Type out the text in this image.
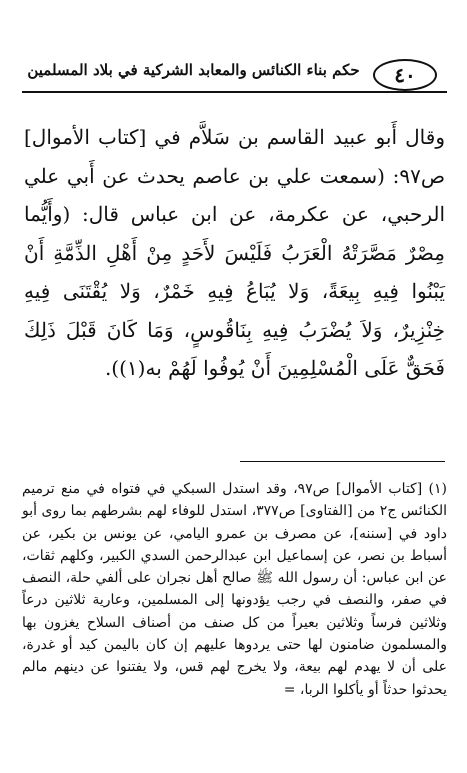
٤٠
حكم بناء الكنائس والمعابد الشركية في بلاد المسلمين

وقال أَبو عبيد القاسم بن سَلاَّم في [كتاب الأموال] ص٩٧: (سمعت علي بن عاصم يحدث عن أَبي علي الرحبي، عن عكرمة، عن ابن عباس قال: (وأَيُّما مِصْرٌ مَصَّرَتْهُ الْعَرَبُ فَلَيْسَ لأَحَدٍ مِنْ أَهْلِ الذِّمَّةِ أَنْ يَبْنُوا فِيهِ بِيعَةً، وَلا يُبَاعُ فِيهِ خَمْرٌ، وَلا يُقْتَنَى فِيهِ خِنْزِيرٌ، وَلاَ يُضْرَبُ فِيهِ بِنَاقُوسٍ، وَمَا كَانَ قَبْلَ ذَلِكَ فَحَقٌّ عَلَى الْمُسْلِمِينَ أَنْ يُوفُوا لَهُمْ به(١)).

(١) [كتاب الأموال] ص٩٧، وقد استدل السبكي في فتواه في منع ترميم الكنائس ج٢ من [الفتاوى] ص٣٧٧، استدل للوفاء لهم بشرطهم بما روى أبو داود في [سننه]، عن مصرف بن عمرو اليامي، عن يونس بن بكير، عن أسباط بن نصر، عن إسماعيل ابن عبدالرحمن السدي الكبير، وكلهم ثقات، عن ابن عباس: أن رسول الله ﷺ صالح أهل نجران على ألفي حلة، النصف في صفر، والنصف في رجب يؤدونها إلى المسلمين، وعارية ثلاثين درعاً وثلاثين فرساً وثلاثين بعيراً من كل صنف من أصناف السلاح يغزون بها والمسلمون ضامنون لها حتى يردوها عليهم إن كان باليمن كيد أو غدرة، على أن لا يهدم لهم بيعة، ولا يخرج لهم قس، ولا يفتنوا عن دينهم مالم يحدثوا حدثاً أو يأكلوا الربا، =
